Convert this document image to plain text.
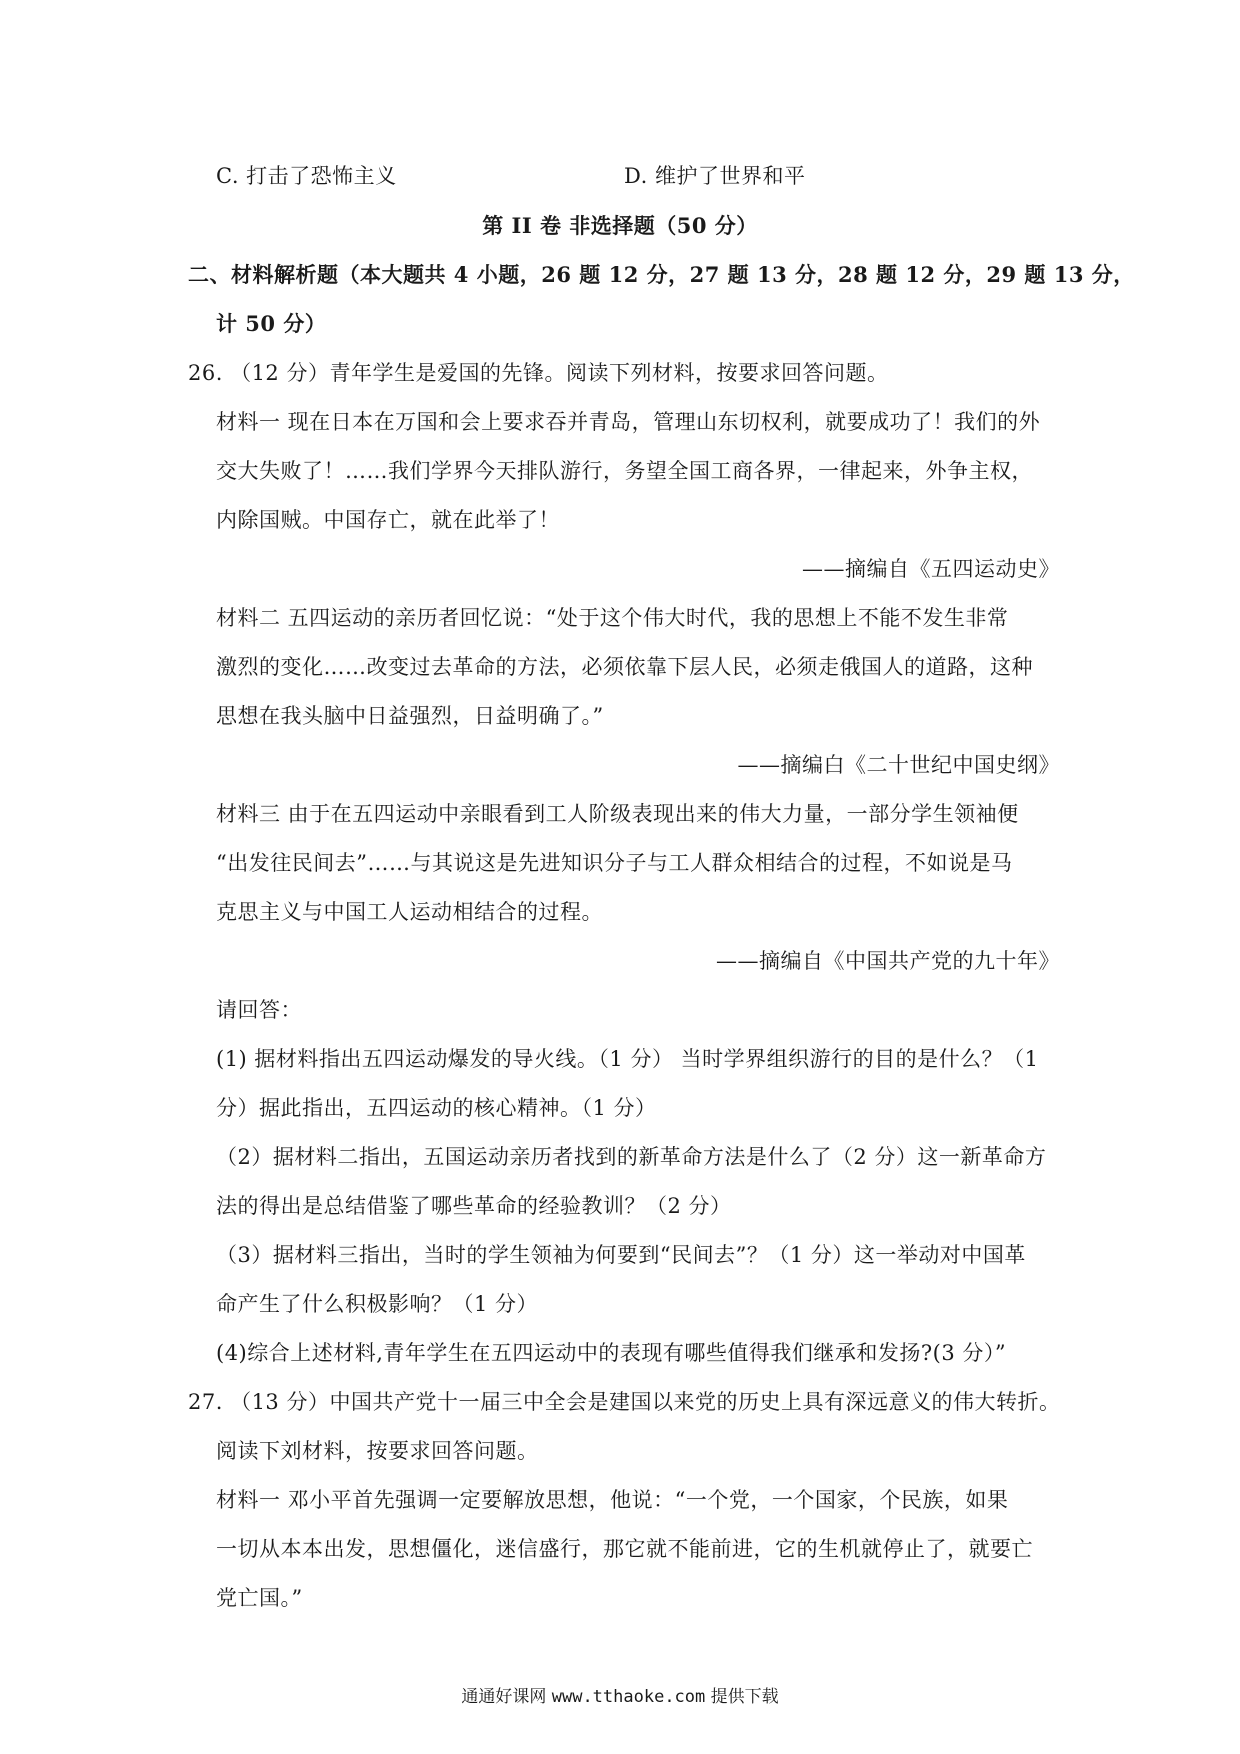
C. 打击了恐怖主义	D. 维护了世界和平
第 II 卷 非选择题（50 分）
二、材料解析题（本大题共 4 小题，26 题 12 分，27 题 13 分，28 题 12 分，29 题 13 分，
计 50 分）
26. （12 分）青年学生是爱国的先锋。阅读下列材料，按要求回答问题。
材料一 现在日本在万国和会上要求吞并青岛，管理山东切权利，就要成功了！我们的外
交大失败了！……我们学界今天排队游行，务望全国工商各界，一律起来，外争主权，
内除国贼。中国存亡，就在此举了！
——摘编自《五四运动史》
材料二 五四运动的亲历者回忆说：“处于这个伟大时代，我的思想上不能不发生非常
激烈的变化……改变过去革命的方法，必须依靠下层人民，必须走俄国人的道路，这种
思想在我头脑中日益强烈，日益明确了。”
——摘编白《二十世纪中国史纲》
材料三 由于在五四运动中亲眼看到工人阶级表现出来的伟大力量，一部分学生领袖便
“出发往民间去”……与其说这是先进知识分子与工人群众相结合的过程，不如说是马
克思主义与中国工人运动相结合的过程。
——摘编自《中国共产党的九十年》
请回答：
(1) 据材料指出五四运动爆发的导火线。（1 分） 当时学界组织游行的目的是什么？（1
分）据此指出，五四运动的核心精神。（1 分）
（2）据材料二指出，五国运动亲历者找到的新革命方法是什么了（2 分）这一新革命方
法的得出是总结借鉴了哪些革命的经验教训？（2 分）
（3）据材料三指出，当时的学生领袖为何要到“民间去”？（1 分）这一举动对中国革
命产生了什么积极影响？（1 分）
(4)综合上述材料,青年学生在五四运动中的表现有哪些值得我们继承和发扬?(3 分）”
27. （13 分）中国共产党十一届三中全会是建国以来党的历史上具有深远意义的伟大转折。
阅读下刘材料，按要求回答问题。
材料一 邓小平首先强调一定要解放思想，他说：“一个党，一个国家，个民族，如果
一切从本本出发，思想僵化，迷信盛行，那它就不能前进，它的生机就停止了，就要亡
党亡国。”
通通好课网 www.tthaoke.com 提供下载
